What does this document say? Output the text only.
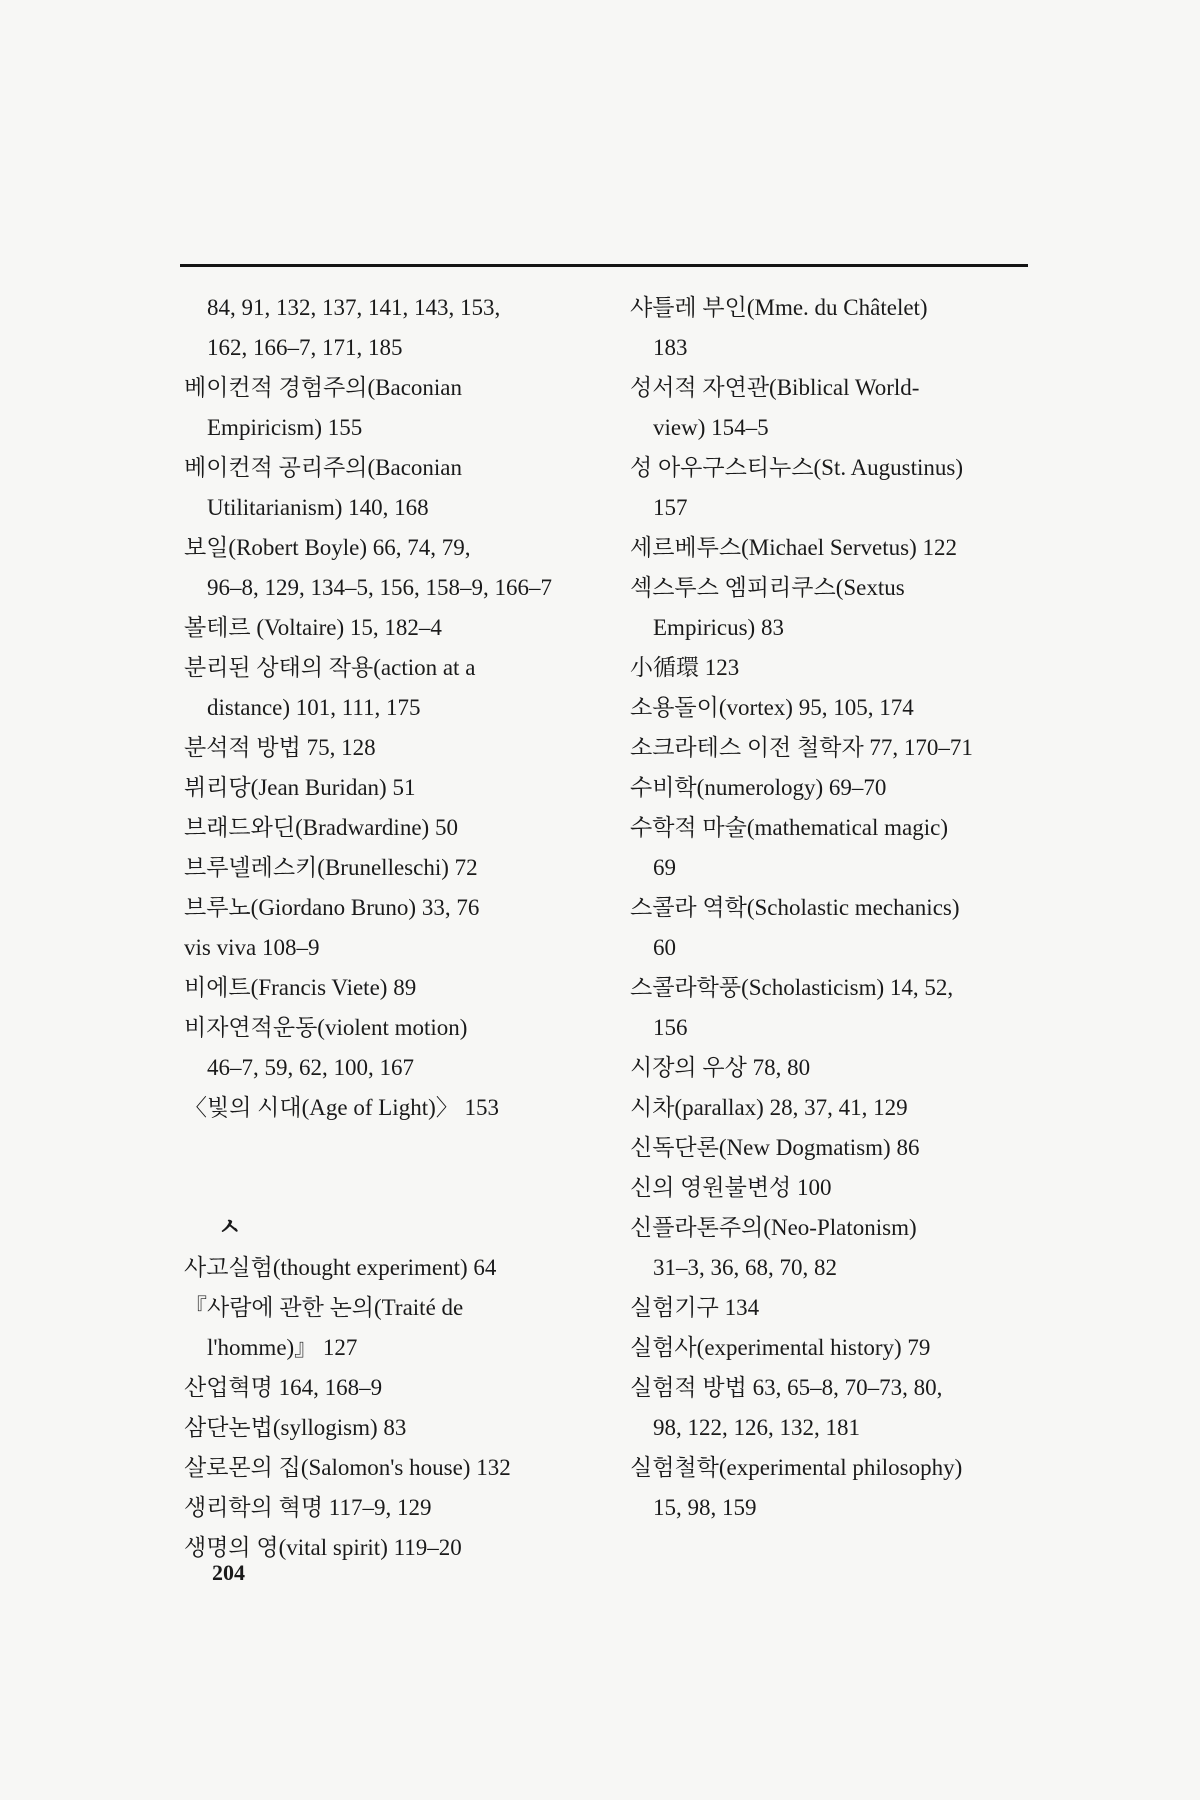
84, 91, 132, 137, 141, 143, 153,
162, 166–7, 171, 185
베이컨적 경험주의(Baconian
Empiricism) 155
베이컨적 공리주의(Baconian
Utilitarianism) 140, 168
보일(Robert Boyle) 66, 74, 79,
96–8, 129, 134–5, 156, 158–9, 166–7
볼테르 (Voltaire) 15, 182–4
분리된 상태의 작용(action at a
distance) 101, 111, 175
분석적 방법 75, 128
뷔리당(Jean Buridan) 51
브래드와딘(Bradwardine) 50
브루넬레스키(Brunelleschi) 72
브루노(Giordano Bruno) 33, 76
vis viva 108–9
비에트(Francis Viete) 89
비자연적운동(violent motion)
46–7, 59, 62, 100, 167
〈빛의 시대(Age of Light)〉 153
ㅅ
사고실험(thought experiment) 64
『사람에 관한 논의(Traité de
l'homme)』 127
산업혁명 164, 168–9
삼단논법(syllogism) 83
살로몬의 집(Salomon's house) 132
생리학의 혁명 117–9, 129
생명의 영(vital spirit) 119–20
샤틀레 부인(Mme. du Châtelet)
183
성서적 자연관(Biblical World-
view) 154–5
성 아우구스티누스(St. Augustinus)
157
세르베투스(Michael Servetus) 122
섹스투스 엠피리쿠스(Sextus
Empiricus) 83
小循環 123
소용돌이(vortex) 95, 105, 174
소크라테스 이전 철학자 77, 170–71
수비학(numerology) 69–70
수학적 마술(mathematical magic)
69
스콜라 역학(Scholastic mechanics)
60
스콜라학풍(Scholasticism) 14, 52,
156
시장의 우상 78, 80
시차(parallax) 28, 37, 41, 129
신독단론(New Dogmatism) 86
신의 영원불변성 100
신플라톤주의(Neo-Platonism)
31–3, 36, 68, 70, 82
실험기구 134
실험사(experimental history) 79
실험적 방법 63, 65–8, 70–73, 80,
98, 122, 126, 132, 181
실험철학(experimental philosophy)
15, 98, 159
204
